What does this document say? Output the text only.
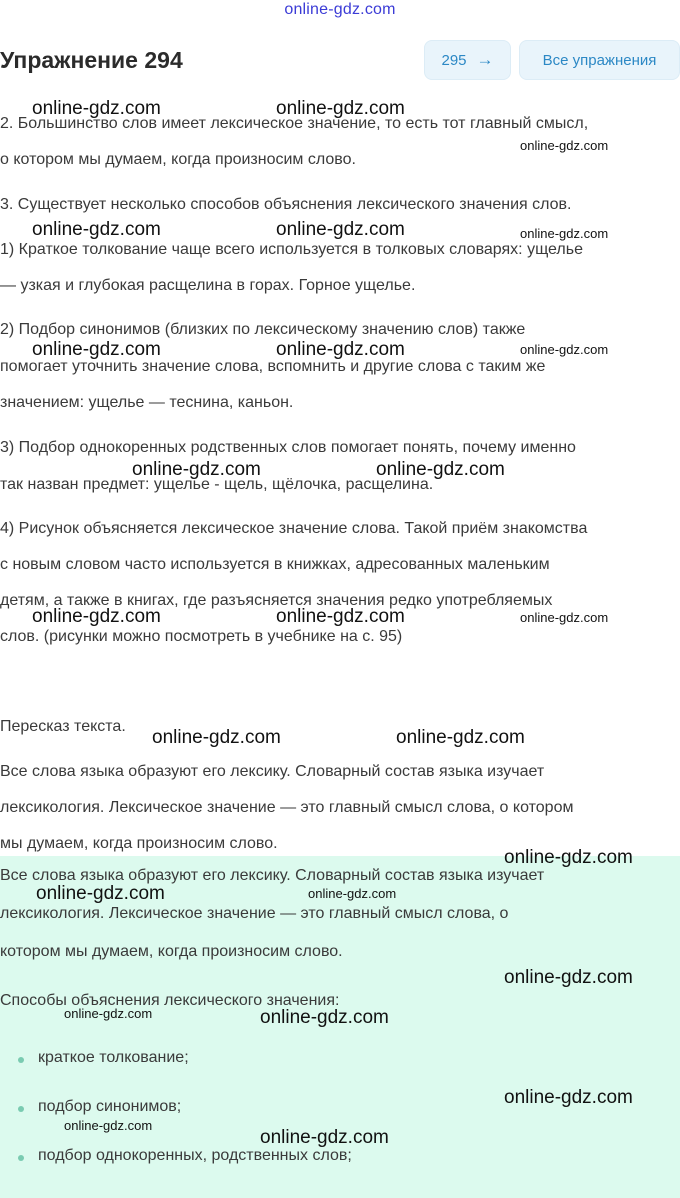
online-gdz.com
Упражнение 294	295 →	Все упражнения

2. Большинство слов имеет лексическое значение, то есть тот главный смысл,

о котором мы думаем, когда произносим слово.

3. Существует несколько способов объяснения лексического значения слов.

1) Краткое толкование чаще всего используется в толковых словарях: ущелье

— узкая и глубокая расщелина в горах. Горное ущелье.

2) Подбор синонимов (близких по лексическому значению слов) также

помогает уточнить значение слова, вспомнить и другие слова с таким же

значением: ущелье — теснина, каньон.

3) Подбор однокоренных родственных слов помогает понять, почему именно

так назван предмет: ущелье - щель, щёлочка, расщелина.

4) Рисунок объясняется лексическое значение слова. Такой приём знакомства

с новым словом часто используется в книжках, адресованных маленьким

детям, а также в книгах, где разъясняется значения редко употребляемых

слов. (рисунки можно посмотреть в учебнике на с. 95)

Пересказ текста.

Все слова языка образуют его лексику. Словарный состав языка изучает

лексикология. Лексическое значение — это главный смысл слова, о котором

мы думаем, когда произносим слово.

Все слова языка образуют его лексику. Словарный состав языка изучает

лексикология. Лексическое значение — это главный смысл слова, о

котором мы думаем, когда произносим слово.

Способы объяснения лексического значения:

краткое толкование;

подбор синонимов;

подбор однокоренных, родственных слов;

online-gdz.com	online-gdz.com
online-gdz.com
online-gdz.com	online-gdz.com	online-gdz.com
online-gdz.com	online-gdz.com	online-gdz.com
online-gdz.com	online-gdz.com
online-gdz.com	online-gdz.com	online-gdz.com
online-gdz.com	online-gdz.com
online-gdz.com
online-gdz.com	online-gdz.com
online-gdz.com
online-gdz.com	online-gdz.com
online-gdz.com
online-gdz.com
online-gdz.com
